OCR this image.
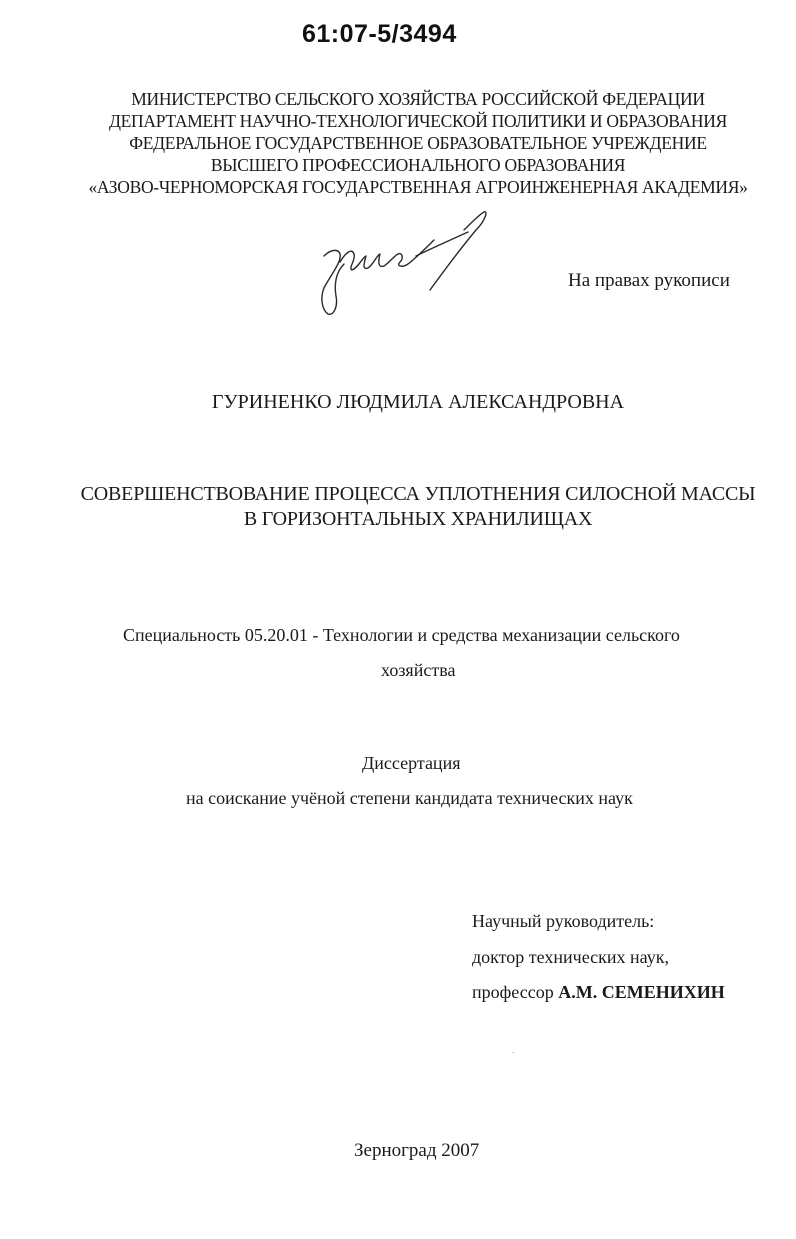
61:07-5/3494
МИНИСТЕРСТВО СЕЛЬСКОГО ХОЗЯЙСТВА РОССИЙСКОЙ ФЕДЕРАЦИИ
ДЕПАРТАМЕНТ НАУЧНО-ТЕХНОЛОГИЧЕСКОЙ ПОЛИТИКИ И ОБРАЗОВАНИЯ
ФЕДЕРАЛЬНОЕ ГОСУДАРСТВЕННОЕ ОБРАЗОВАТЕЛЬНОЕ УЧРЕЖДЕНИЕ
ВЫСШЕГО ПРОФЕССИОНАЛЬНОГО ОБРАЗОВАНИЯ
«АЗОВО-ЧЕРНОМОРСКАЯ ГОСУДАРСТВЕННАЯ АГРОИНЖЕНЕРНАЯ АКАДЕМИЯ»
На правах рукописи
ГУРИНЕНКО ЛЮДМИЛА АЛЕКСАНДРОВНА
СОВЕРШЕНСТВОВАНИЕ ПРОЦЕССА УПЛОТНЕНИЯ СИЛОСНОЙ МАССЫ
В ГОРИЗОНТАЛЬНЫХ ХРАНИЛИЩАХ
Специальность 05.20.01 - Технологии и средства механизации сельского
хозяйства
Диссертация
на соискание учёной степени кандидата технических наук
Научный руководитель:
доктор технических наук,
профессор А.М. СЕМЕНИХИН
Зерноград 2007
